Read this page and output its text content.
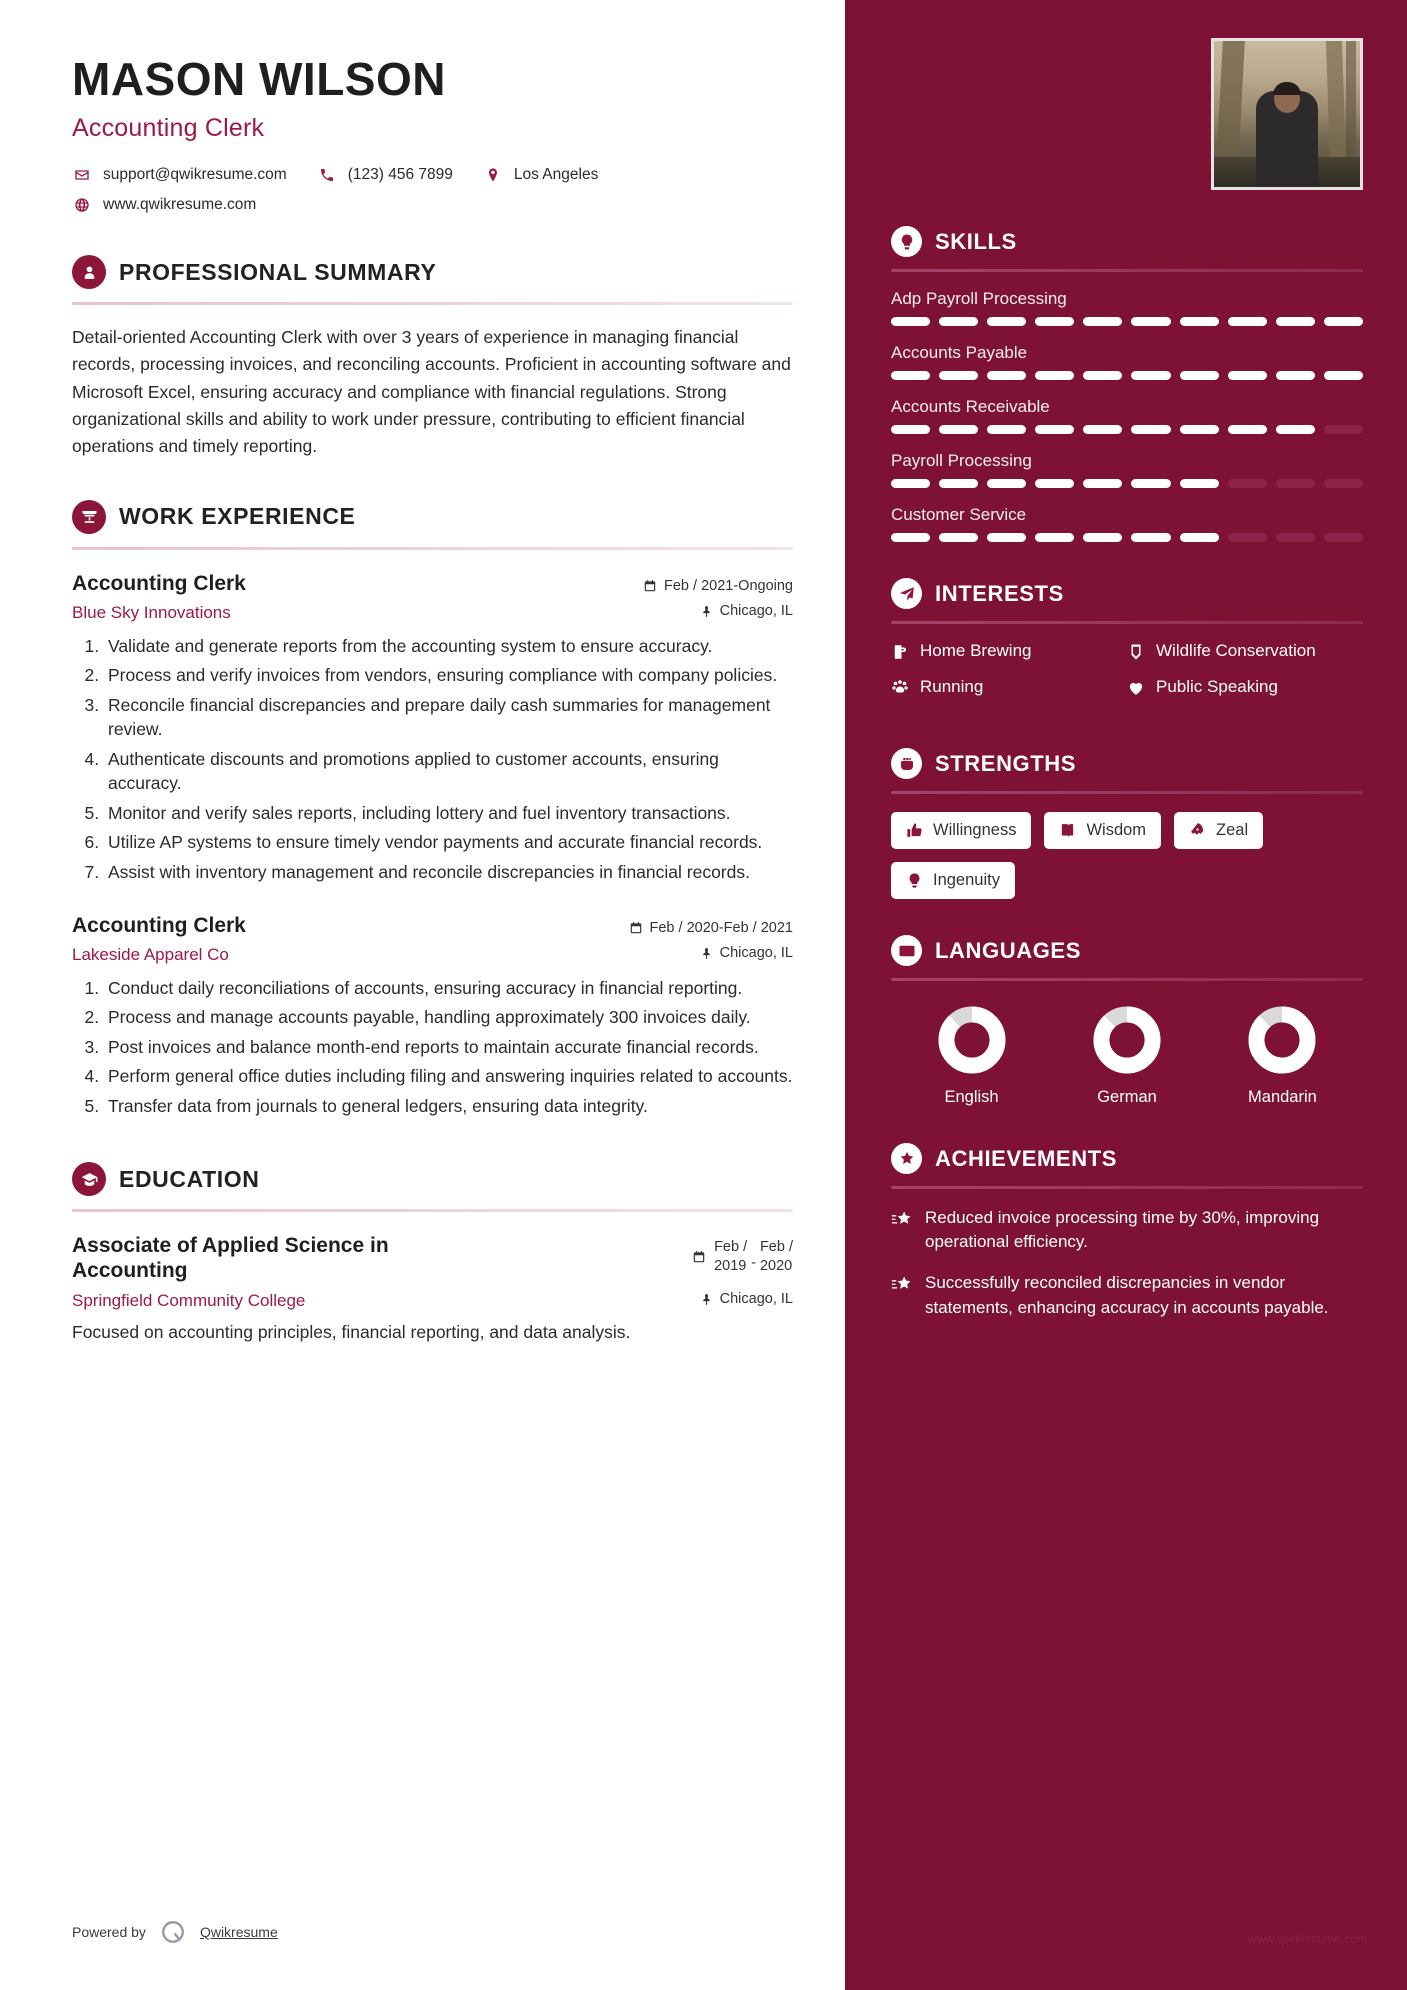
MASON WILSON
Accounting Clerk
support@qwikresume.com	(123) 456 7899	Los Angeles
www.qwikresume.com
PROFESSIONAL SUMMARY
Detail-oriented Accounting Clerk with over 3 years of experience in managing financial records, processing invoices, and reconciling accounts. Proficient in accounting software and Microsoft Excel, ensuring accuracy and compliance with financial regulations. Strong organizational skills and ability to work under pressure, contributing to efficient financial operations and timely reporting.
WORK EXPERIENCE
Accounting Clerk	Feb / 2021-Ongoing
Blue Sky Innovations	Chicago, IL
1. Validate and generate reports from the accounting system to ensure accuracy.
2. Process and verify invoices from vendors, ensuring compliance with company policies.
3. Reconcile financial discrepancies and prepare daily cash summaries for management review.
4. Authenticate discounts and promotions applied to customer accounts, ensuring accuracy.
5. Monitor and verify sales reports, including lottery and fuel inventory transactions.
6. Utilize AP systems to ensure timely vendor payments and accurate financial records.
7. Assist with inventory management and reconcile discrepancies in financial records.
Accounting Clerk	Feb / 2020-Feb / 2021
Lakeside Apparel Co	Chicago, IL
1. Conduct daily reconciliations of accounts, ensuring accuracy in financial reporting.
2. Process and manage accounts payable, handling approximately 300 invoices daily.
3. Post invoices and balance month-end reports to maintain accurate financial records.
4. Perform general office duties including filing and answering inquiries related to accounts.
5. Transfer data from journals to general ledgers, ensuring data integrity.
EDUCATION
Associate of Applied Science in Accounting
Feb /
2019 -
Feb /
2020
Springfield Community College	Chicago, IL
Focused on accounting principles, financial reporting, and data analysis.
Powered by	Qwikresume
SKILLS
Adp Payroll Processing
Accounts Payable
Accounts Receivable
Payroll Processing
Customer Service
INTERESTS
Home Brewing	Wildlife Conservation
Running	Public Speaking
STRENGTHS
Willingness	Wisdom	Zeal
Ingenuity
A Z LANGUAGES
English	German	Mandarin
ACHIEVEMENTS
Reduced invoice processing time by 30%, improving operational efficiency.
Successfully reconciled discrepancies in vendor statements, enhancing accuracy in accounts payable.
www.qwikresume.com
